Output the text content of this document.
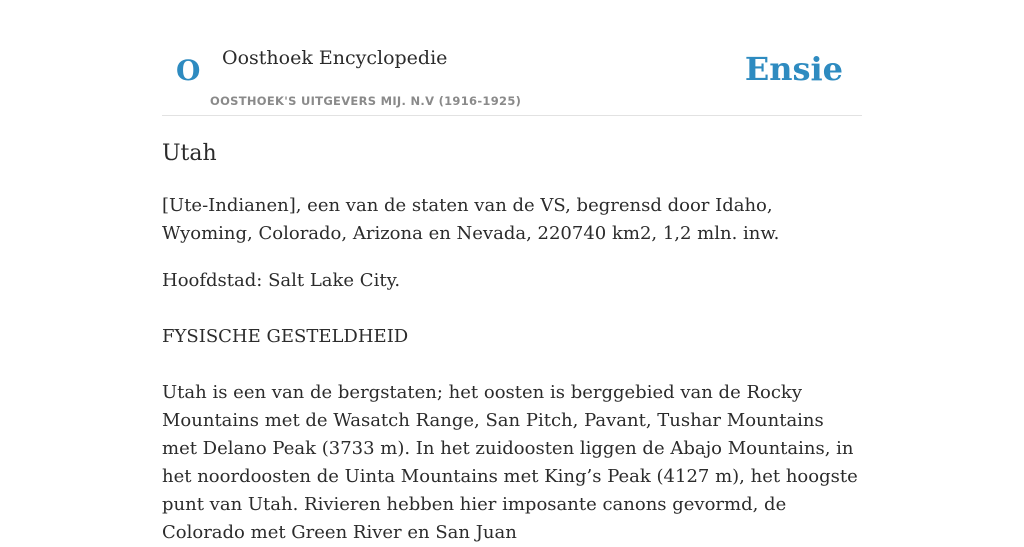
O Oosthoek Encyclopedie
OOSTHOEK'S UITGEVERS MIJ. N.V (1916-1925)
Ensie
Utah

[Ute-Indianen], een van de staten van de VS, begrensd door Idaho, Wyoming, Colorado, Arizona en Nevada, 220740 km2, 1,2 mln. inw.

Hoofdstad: Salt Lake City.

FYSISCHE GESTELDHEID

Utah is een van de bergstaten; het oosten is berggebied van de Rocky Mountains met de Wasatch Range, San Pitch, Pavant, Tushar Mountains met Delano Peak (3733 m). In het zuidoosten liggen de Abajo Mountains, in het noordoosten de Uinta Mountains met King’s Peak (4127 m), het hoogste punt van Utah. Rivieren hebben hier imposante canons gevormd, de Colorado met Green River en San Juan
